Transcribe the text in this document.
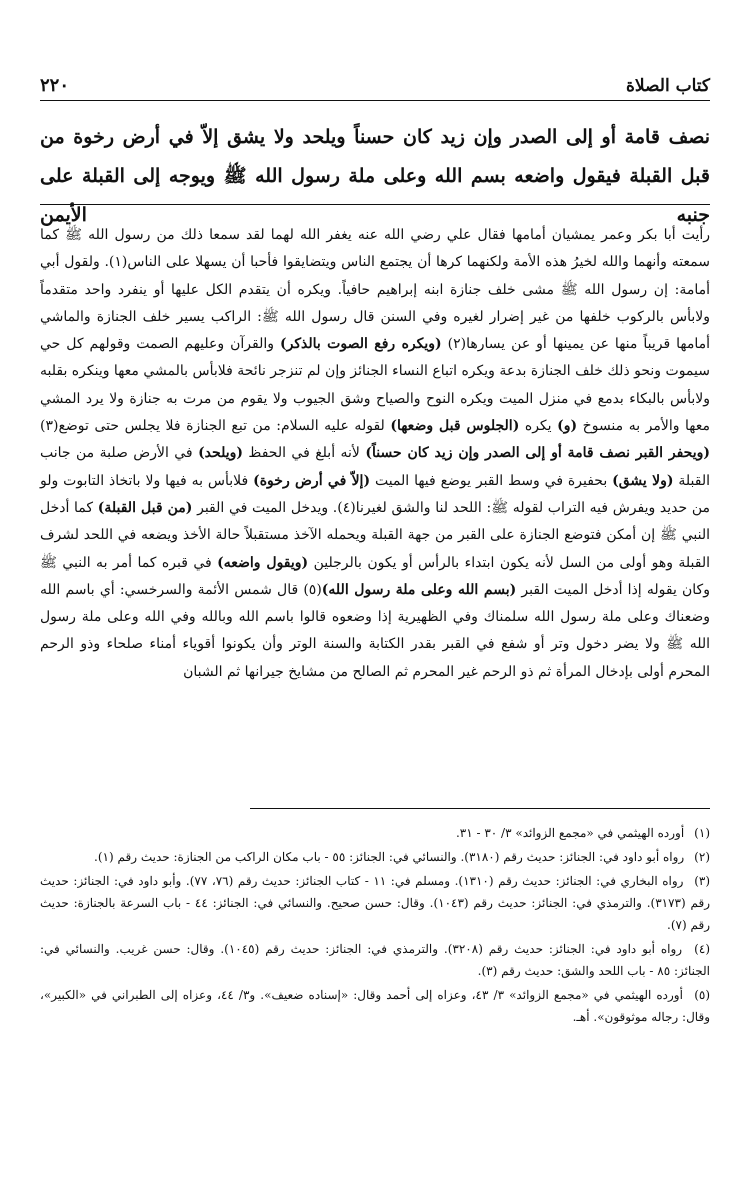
كتاب الصلاة
٢٢٠

نصف قامة أو إلى الصدر وإن زيد كان حسناً ويلحد ولا يشق إلاّ في أرض رخوة من قبل القبلة فيقول واضعه بسم الله وعلى ملة رسول الله ﷺ ويوجه إلى القبلة على جنبه الأيمن

رأيت أبا بكر وعمر يمشيان أمامها فقال علي رضي الله عنه يغفر الله لهما لقد سمعا ذلك من رسول الله ﷺ كما سمعته وأنهما والله لخيرُ هذه الأمة ولكنهما كرها أن يجتمع الناس ويتضايقوا فأحبا أن يسهلا على الناس(١). ولقول أبي أمامة: إن رسول الله ﷺ مشى خلف جنازة ابنه إبراهيم حافياً. ويكره أن يتقدم الكل عليها أو ينفرد واحد متقدماً ولابأس بالركوب خلفها من غير إضرار لغيره وفي السنن قال رسول الله ﷺ: الراكب يسير خلف الجنازة والماشي أمامها قريباً منها عن يمينها أو عن يسارها(٢) (ويكره رفع الصوت بالذكر) والقرآن وعليهم الصمت وقولهم كل حي سيموت ونحو ذلك خلف الجنازة بدعة ويكره اتباع النساء الجنائز وإن لم تنزجر نائحة فلابأس بالمشي معها وينكره بقلبه ولابأس بالبكاء بدمع في منزل الميت ويكره النوح والصياح وشق الجيوب ولا يقوم من مرت به جنازة ولا يرد المشي معها والأمر به منسوخ (و) يكره (الجلوس قبل وضعها) لقوله عليه السلام: من تبع الجنازة فلا يجلس حتى توضع(٣) (ويحفر القبر نصف قامة أو إلى الصدر وإن زيد كان حسناً) لأنه أبلغ في الحفظ (ويلحد) في الأرض صلبة من جانب القبلة (ولا يشق) بحفيرة في وسط القبر يوضع فيها الميت (إلاّ في أرض رخوة) فلابأس به فيها ولا باتخاذ التابوت ولو من حديد ويفرش فيه التراب لقوله ﷺ: اللحد لنا والشق لغيرنا(٤). ويدخل الميت في القبر (من قبل القبلة) كما أدخل النبي ﷺ إن أمكن فتوضع الجنازة على القبر من جهة القبلة ويحمله الآخذ مستقبلاً حالة الأخذ ويضعه في اللحد لشرف القبلة وهو أولى من السل لأنه يكون ابتداء بالرأس أو يكون بالرجلين (ويقول واضعه) في قبره كما أمر به النبي ﷺ وكان يقوله إذا أدخل الميت القبر (بسم الله وعلى ملة رسول الله)(٥) قال شمس الأئمة والسرخسي: أي باسم الله وضعناك وعلى ملة رسول الله سلمناك وفي الظهيرية إذا وضعوه قالوا باسم الله وبالله وفي الله وعلى ملة رسول الله ﷺ ولا يضر دخول وتر أو شفع في القبر بقدر الكتابة والسنة الوتر وأن يكونوا أقوياء أمناء صلحاء وذو الرحم المحرم أولى بإدخال المرأة ثم ذو الرحم غير المحرم ثم الصالح من مشايخ جيرانها ثم الشبان

(١) أورده الهيثمي في «مجمع الزوائد» ٣/ ٣٠ - ٣١.
(٢) رواه أبو داود في: الجنائز: حديث رقم (٣١٨٠). والنسائي في: الجنائز: ٥٥ - باب مكان الراكب من الجنازة: حديث رقم (١).
(٣) رواه البخاري في: الجنائز: حديث رقم (١٣١٠). ومسلم في: ١١ - كتاب الجنائز: حديث رقم (٧٦، ٧٧). وأبو داود في: الجنائز: حديث رقم (٣١٧٣). والترمذي في: الجنائز: حديث رقم (١٠٤٣). وقال: حسن صحيح. والنسائي في: الجنائز: ٤٤ - باب السرعة بالجنازة: حديث رقم (٧).
(٤) رواه أبو داود في: الجنائز: حديث رقم (٣٢٠٨). والترمذي في: الجنائز: حديث رقم (١٠٤٥). وقال: حسن غريب. والنسائي في: الجنائز: ٨٥ - باب اللحد والشق: حديث رقم (٣).
(٥) أورده الهيثمي في «مجمع الزوائد» ٣/ ٤٣، وعزاه إلى أحمد وقال: «إسناده ضعيف». و٣/ ٤٤، وعزاه إلى الطبراني في «الكبير»، وقال: رجاله موثوقون». أهـ.
